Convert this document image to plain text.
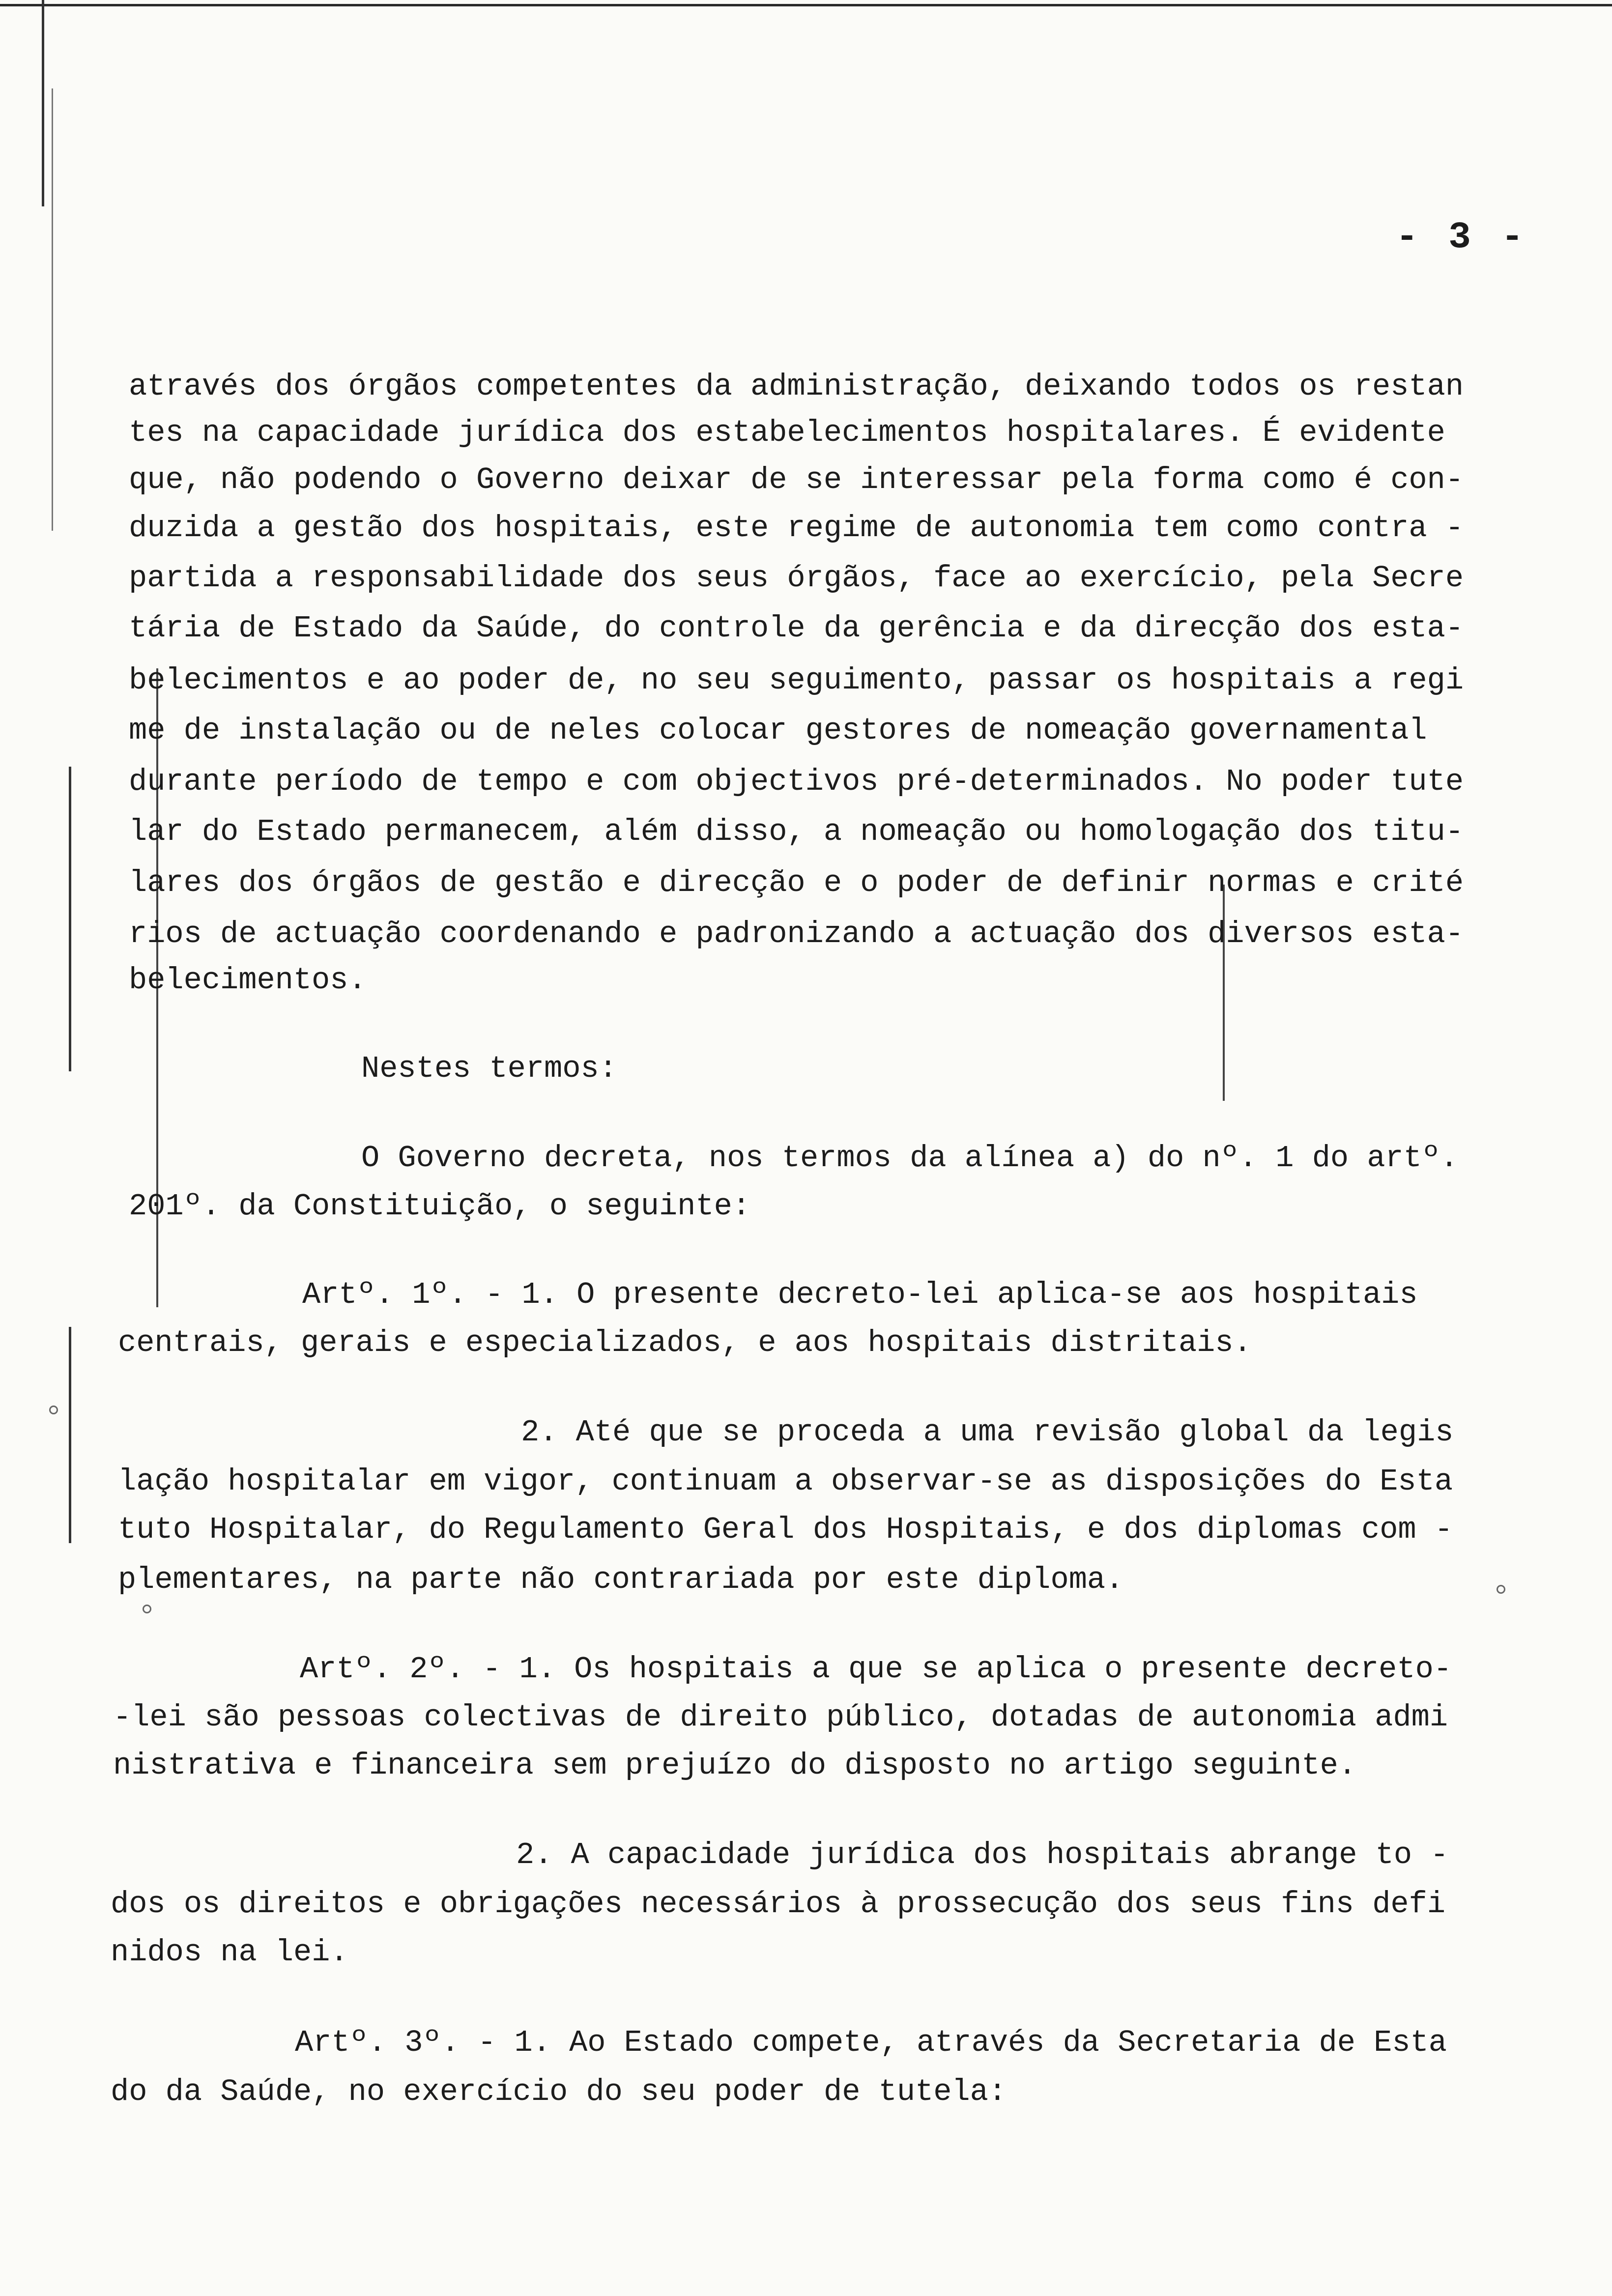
- 3 -
através dos órgãos competentes da administração, deixando todos os restan
tes na capacidade jurídica dos estabelecimentos hospitalares. É evidente
que, não podendo o Governo deixar de se interessar pela forma como é con-
duzida a gestão dos hospitais, este regime de autonomia tem como contra -
partida a responsabilidade dos seus órgãos, face ao exercício, pela Secre
tária de Estado da Saúde, do controle da gerência e da direcção dos esta-
belecimentos e ao poder de, no seu seguimento, passar os hospitais a regi
me de instalação ou de neles colocar gestores de nomeação governamental
durante período de tempo e com objectivos pré-determinados. No poder tute
lar do Estado permanecem, além disso, a nomeação ou homologação dos titu-
lares dos órgãos de gestão e direcção e o poder de definir normas e crité
rios de actuação coordenando e padronizando a actuação dos diversos esta-
belecimentos.
Nestes termos:
O Governo decreta, nos termos da alínea a) do nº. 1 do artº.
201º. da Constituição, o seguinte:
Artº. 1º. - 1. O presente decreto-lei aplica-se aos hospitais
centrais, gerais e especializados, e aos hospitais distritais.
2. Até que se proceda a uma revisão global da legis
lação hospitalar em vigor, continuam a observar-se as disposições do Esta
tuto Hospitalar, do Regulamento Geral dos Hospitais, e dos diplomas com -
plementares, na parte não contrariada por este diploma.
Artº. 2º. - 1. Os hospitais a que se aplica o presente decreto-
-lei são pessoas colectivas de direito público, dotadas de autonomia admi
nistrativa e financeira sem prejuízo do disposto no artigo seguinte.
2. A capacidade jurídica dos hospitais abrange to -
dos os direitos e obrigações necessários à prossecução dos seus fins defi
nidos na lei.
Artº. 3º. - 1. Ao Estado compete, através da Secretaria de Esta
do da Saúde, no exercício do seu poder de tutela:
